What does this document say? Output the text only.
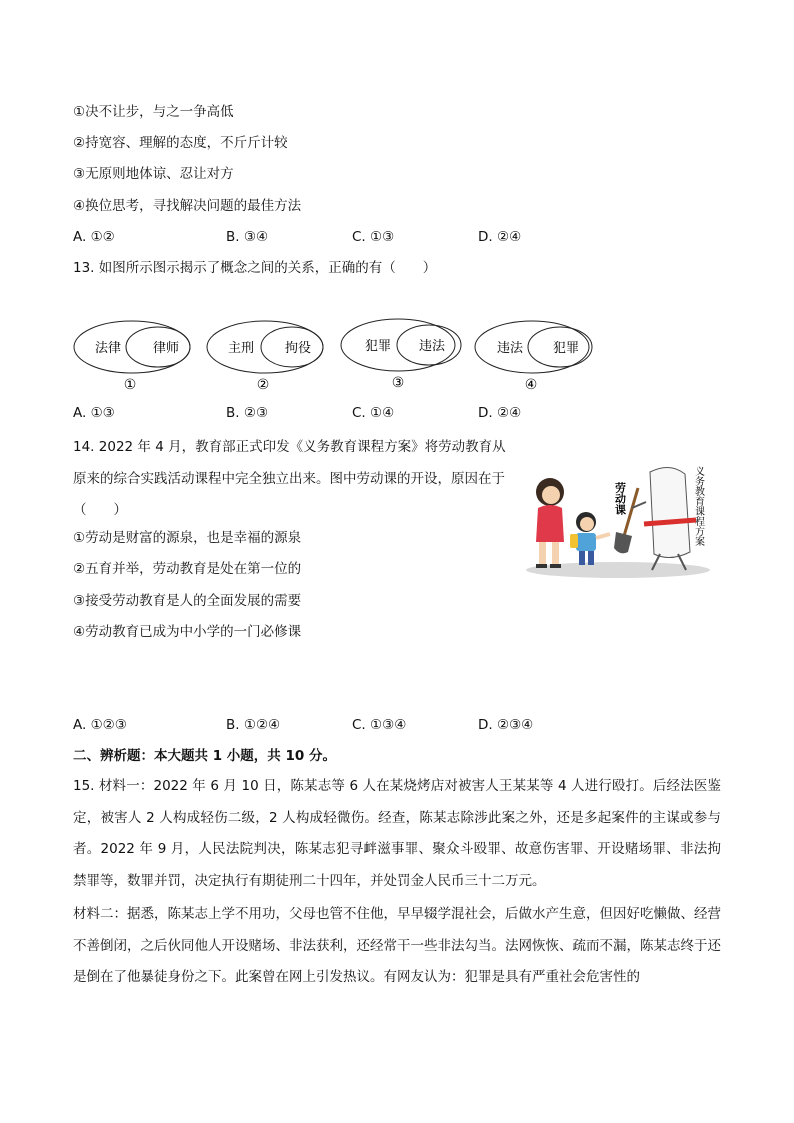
①决不让步，与之一争高低
②持宽容、理解的态度，不斤斤计较
③无原则地体谅、忍让对方
④换位思考，寻找解决问题的最佳方法
A. ①②	B. ③④	C. ①③	D. ②④
13. 如图所示图示揭示了概念之间的关系，正确的有（　　）
法律 律师
①
主刑 拘役
②
犯罪 违法
③
违法 犯罪
④
A. ①③	B. ②③	C. ①④	D. ②④
14. 2022 年 4 月，教育部正式印发《义务教育课程方案》将劳动教育从原来的综合实践活动课程中完全独立出来。图中劳动课的开设，原因在于（　　）
①劳动是财富的源泉，也是幸福的源泉
②五育并举，劳动教育是处在第一位的
③接受劳动教育是人的全面发展的需要
④劳动教育已成为中小学的一门必修课
劳动课	义务教育课程方案
A. ①②③	B. ①②④	C. ①③④	D. ②③④
二、辨析题：本大题共 1 小题，共 10 分。
15. 材料一：2022 年 6 月 10 日，陈某志等 6 人在某烧烤店对被害人王某某等 4 人进行殴打。后经法医鉴定，被害人 2 人构成轻伤二级，2 人构成轻微伤。经查，陈某志除涉此案之外，还是多起案件的主谋或参与者。2022 年 9 月，人民法院判决，陈某志犯寻衅滋事罪、聚众斗殴罪、故意伤害罪、开设赌场罪、非法拘禁罪等，数罪并罚，决定执行有期徒刑二十四年，并处罚金人民币三十二万元。
材料二：据悉，陈某志上学不用功，父母也管不住他，早早辍学混社会，后做水产生意，但因好吃懒做、经营不善倒闭，之后伙同他人开设赌场、非法获利，还经常干一些非法勾当。法网恢恢、疏而不漏，陈某志终于还是倒在了他暴徒身份之下。此案曾在网上引发热议。有网友认为：犯罪是具有严重社会危害性的
